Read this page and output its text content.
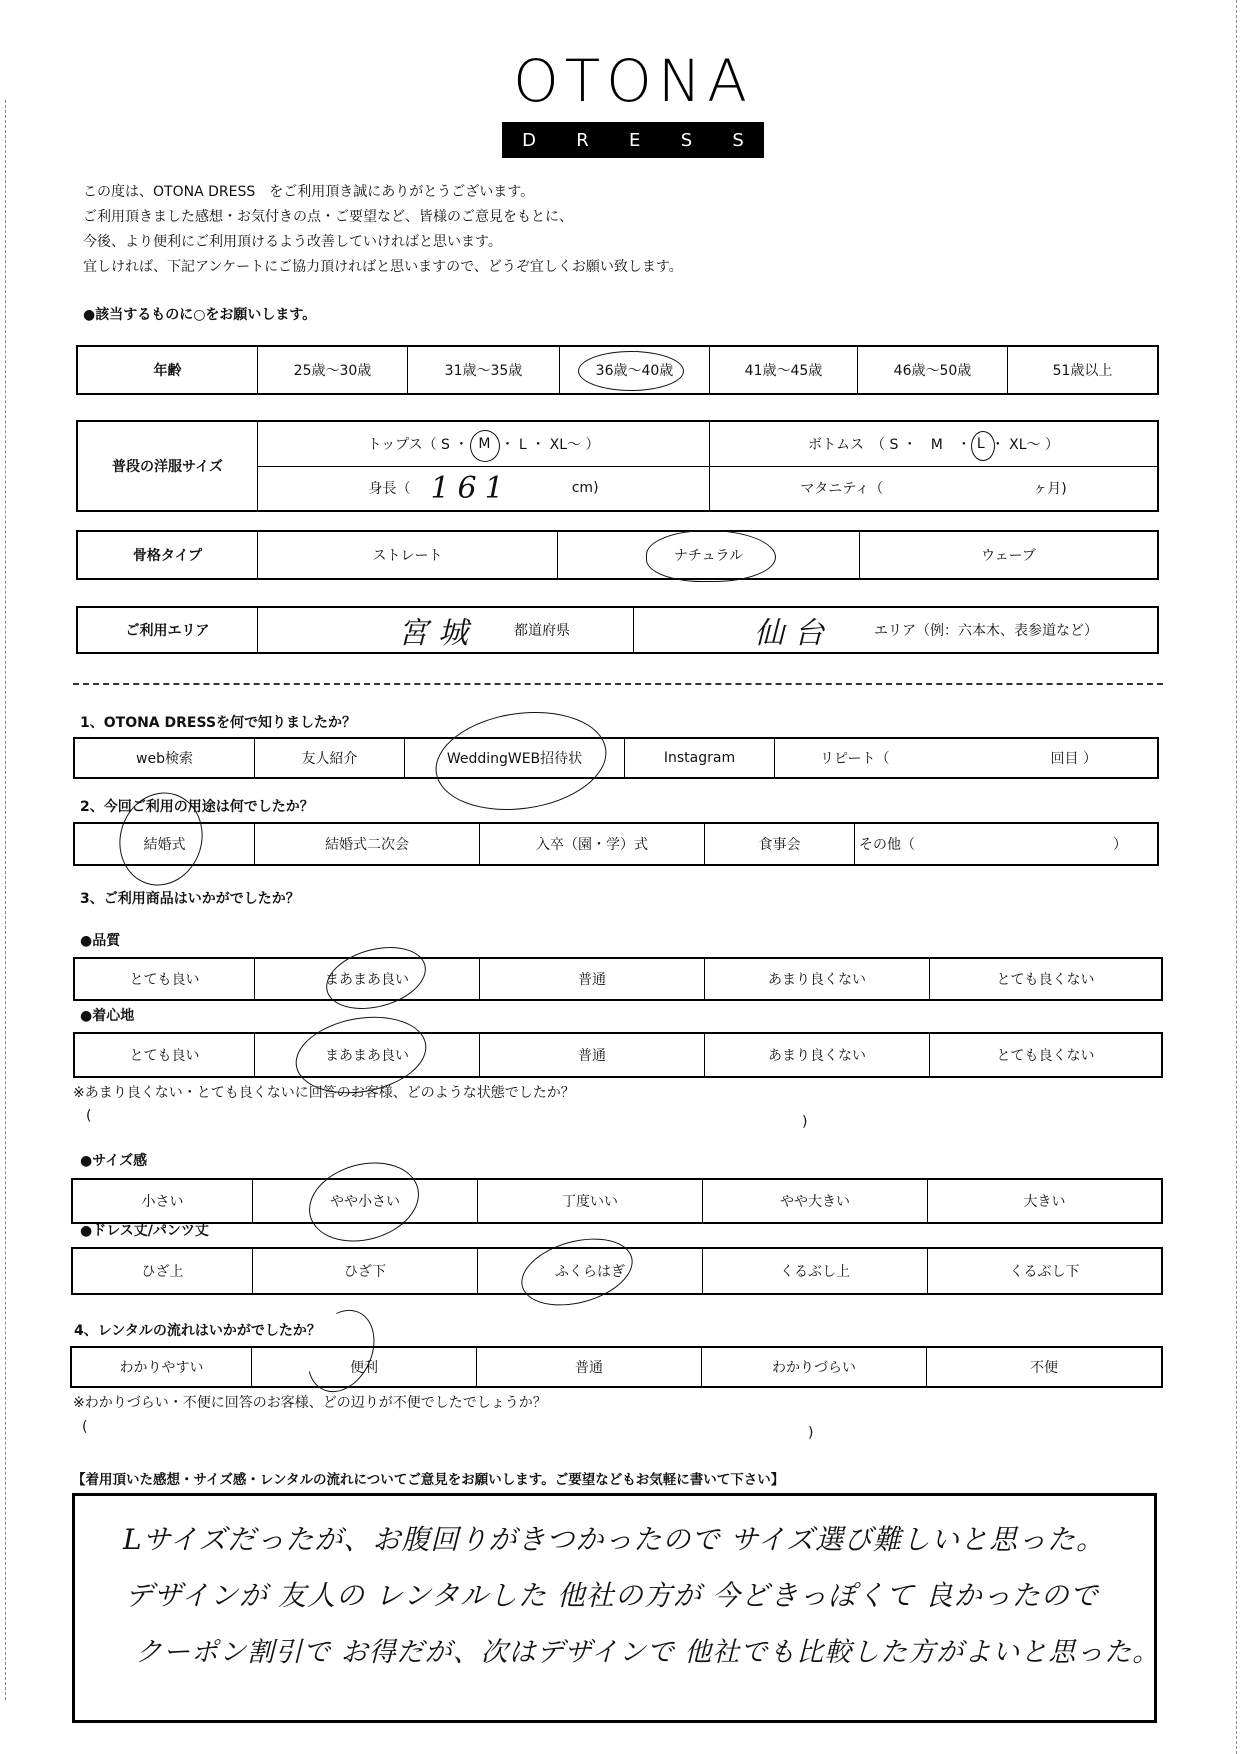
OTONA
D R E S S
この度は、OTONA DRESS　をご利用頂き誠にありがとうございます。
ご利用頂きました感想・お気付きの点・ご要望など、皆様のご意見をもとに、
今後、より便利にご利用頂けるよう改善していければと思います。
宜しければ、下記アンケートにご協力頂ければと思いますので、どうぞ宜しくお願い致します。
●該当するものに○をお願いします。
年齢	25歳～30歳	31歳～35歳	36歳～40歳	41歳～45歳	46歳～50歳	51歳以上
普段の洋服サイズ
トップス（ S ・ M ・ L ・ XL～ ）	ボトムス　（ S ・　M　・ L ・ XL～ ）
身長（ 161	cm)	マタニティ（	ヶ月)
骨格タイプ	ストレート	ナチュラル	ウェーブ
ご利用エリア	宮城	都道府県	仙台	エリア（例：六本木、表参道など）
1、OTONA DRESSを何で知りましたか？
web検索	友人紹介	WeddingWEB招待状	Instagram	リピート（	回目 ）
2、今回ご利用の用途は何でしたか？
結婚式	結婚式二次会	入卒（園・学）式	食事会	その他（	）
3、ご利用商品はいかがでしたか？
●品質
とても良い	まあまあ良い	普通	あまり良くない	とても良くない
●着心地
とても良い	まあまあ良い	普通	あまり良くない	とても良くない
※あまり良くない・とても良くないに回答のお客様、どのような状態でしたか？
(	)
●サイズ感
小さい	やや小さい	丁度いい	やや大きい	大きい
●ドレス丈/パンツ丈
ひざ上	ひざ下	ふくらはぎ	くるぶし上	くるぶし下
4、レンタルの流れはいかがでしたか？
わかりやすい	便利	普通	わかりづらい	不便
※わかりづらい・不便に回答のお客様、どの辺りが不便でしたでしょうか？
(	)
【着用頂いた感想・サイズ感・レンタルの流れについてご意見をお願いします。ご要望などもお気軽に書いて下さい】
Lサイズだったが、お腹回りがきつかったので サイズ選び難しいと思った。
デザインが 友人の レンタルした 他社の方が 今どきっぽくて 良かったので
クーポン割引で お得だが、次はデザインで 他社でも比較した方がよいと思った。
